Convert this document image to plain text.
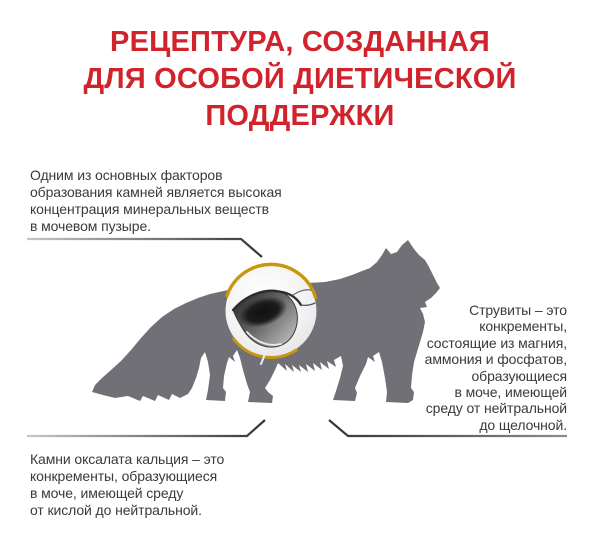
РЕЦЕПТУРА, СОЗДАННАЯ
ДЛЯ ОСОБОЙ ДИЕТИЧЕСКОЙ
ПОДДЕРЖКИ
Одним из основных факторов
образования камней является высокая
концентрация минеральных веществ
в мочевом пузыре.
Струвиты – это
конкременты,
состоящие из магния,
аммония и фосфатов,
образующиеся
в моче, имеющей
среду от нейтральной
до щелочной.
Камни оксалата кальция – это
конкременты, образующиеся
в моче, имеющей среду
от кислой до нейтральной.
